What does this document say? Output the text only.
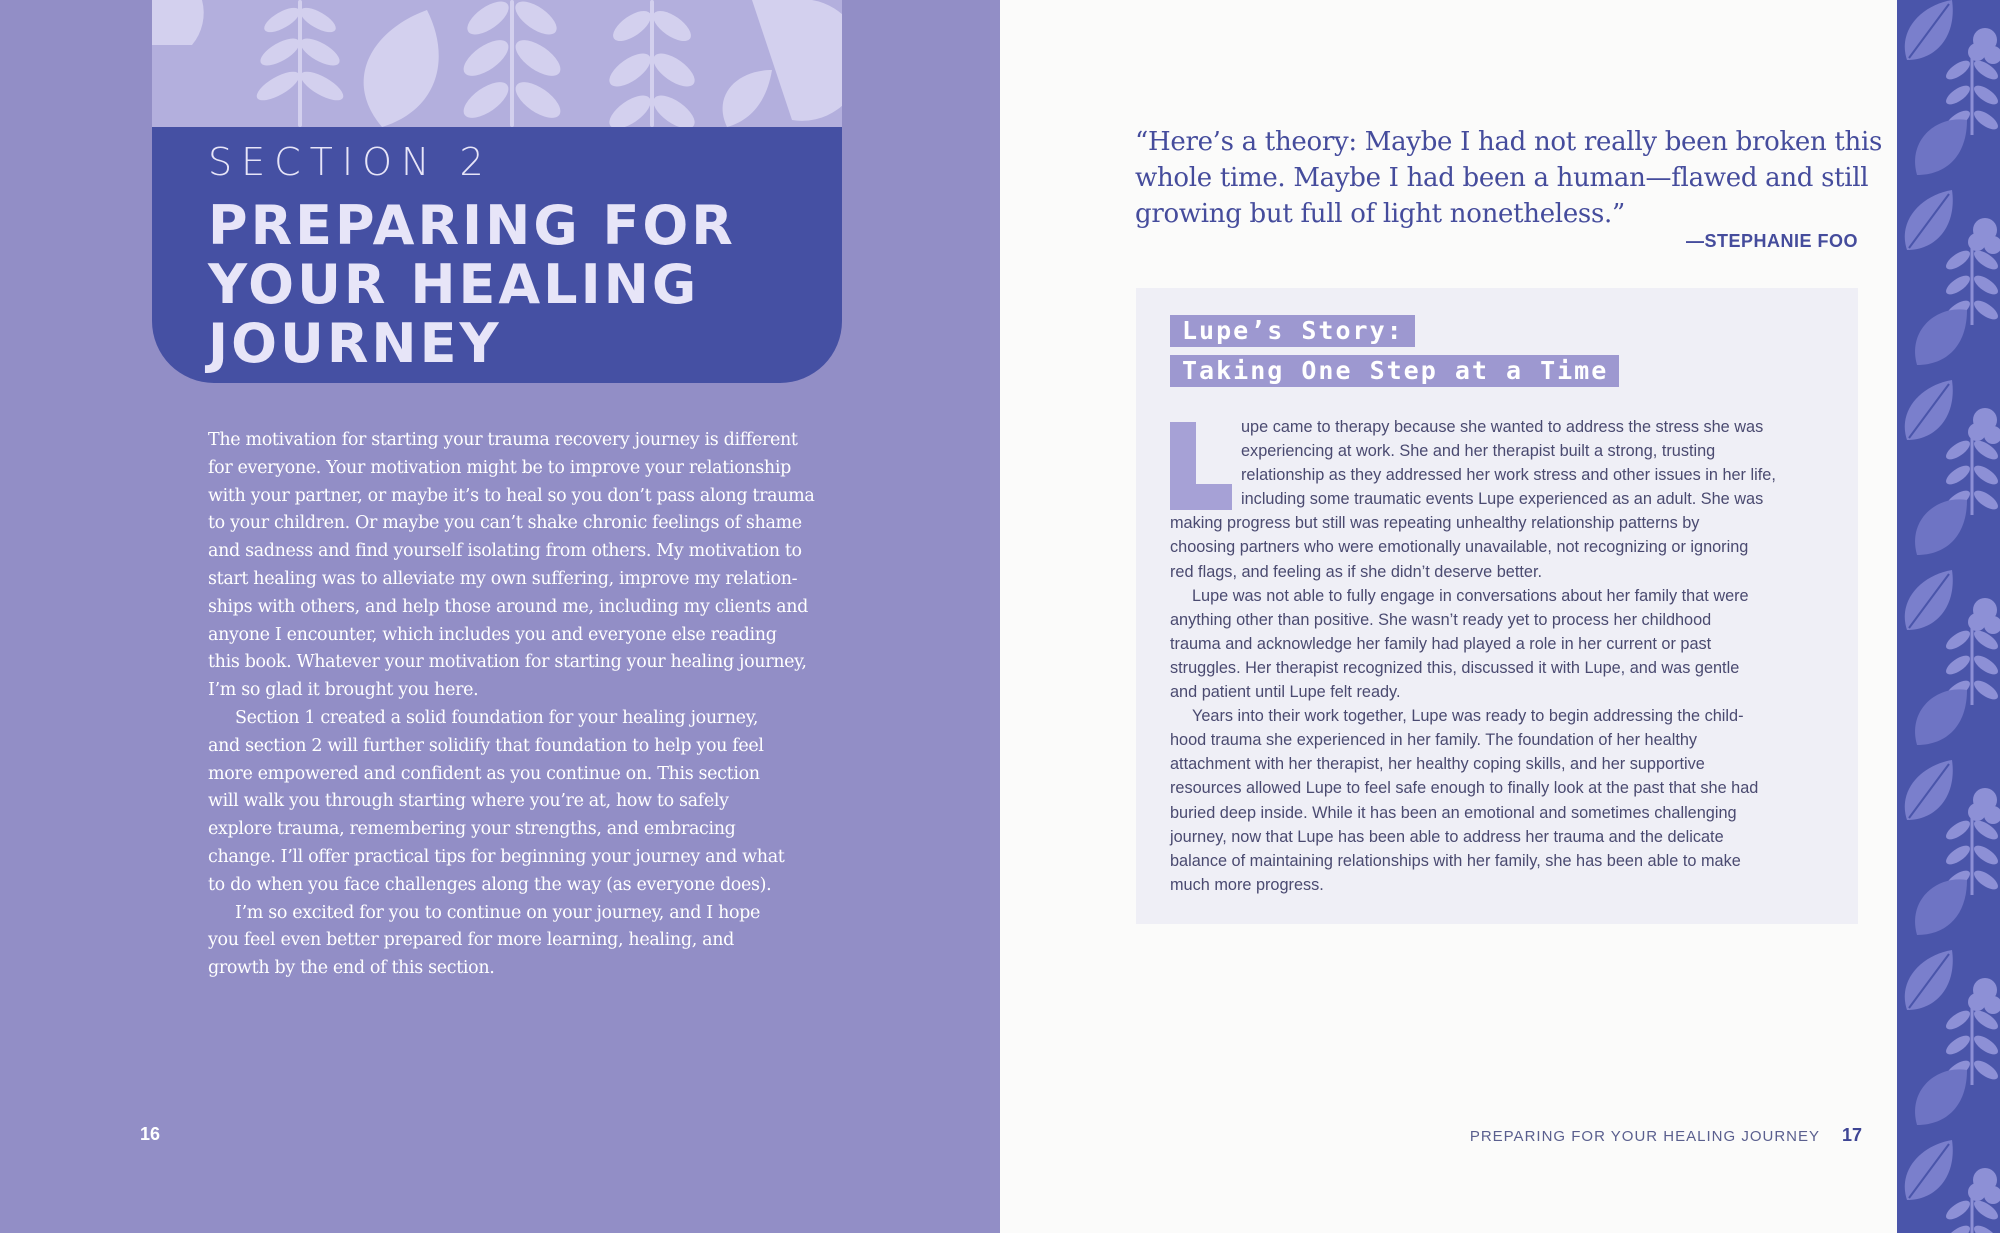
SECTION 2
PREPARING FOR
YOUR HEALING
JOURNEY

The motivation for starting your trauma recovery journey is different
for everyone. Your motivation might be to improve your relationship
with your partner, or maybe it’s to heal so you don’t pass along trauma
to your children. Or maybe you can’t shake chronic feelings of shame
and sadness and find yourself isolating from others. My motivation to
start healing was to alleviate my own suffering, improve my relation-
ships with others, and help those around me, including my clients and
anyone I encounter, which includes you and everyone else reading
this book. Whatever your motivation for starting your healing journey,
I’m so glad it brought you here.

Section 1 created a solid foundation for your healing journey,
and section 2 will further solidify that foundation to help you feel
more empowered and confident as you continue on. This section
will walk you through starting where you’re at, how to safely
explore trauma, remembering your strengths, and embracing
change. I’ll offer practical tips for beginning your journey and what
to do when you face challenges along the way (as everyone does).

I’m so excited for you to continue on your journey, and I hope
you feel even better prepared for more learning, healing, and
growth by the end of this section.

16
“Here’s a theory: Maybe I had not really been broken this
whole time. Maybe I had been a human—flawed and still
growing but full of light nonetheless.”
—STEPHANIE FOO
Lupe’s Story:
Taking One Step at a Time
L upe came to therapy because she wanted to address the stress she was
experiencing at work. She and her therapist built a strong, trusting
relationship as they addressed her work stress and other issues in her life,
including some traumatic events Lupe experienced as an adult. She was
making progress but still was repeating unhealthy relationship patterns by
choosing partners who were emotionally unavailable, not recognizing or ignoring
red flags, and feeling as if she didn’t deserve better.

Lupe was not able to fully engage in conversations about her family that were
anything other than positive. She wasn’t ready yet to process her childhood
trauma and acknowledge her family had played a role in her current or past
struggles. Her therapist recognized this, discussed it with Lupe, and was gentle
and patient until Lupe felt ready.

Years into their work together, Lupe was ready to begin addressing the child-
hood trauma she experienced in her family. The foundation of her healthy
attachment with her therapist, her healthy coping skills, and her supportive
resources allowed Lupe to feel safe enough to finally look at the past that she had
buried deep inside. While it has been an emotional and sometimes challenging
journey, now that Lupe has been able to address her trauma and the delicate
balance of maintaining relationships with her family, she has been able to make
much more progress.

PREPARING FOR YOUR HEALING JOURNEY 17
